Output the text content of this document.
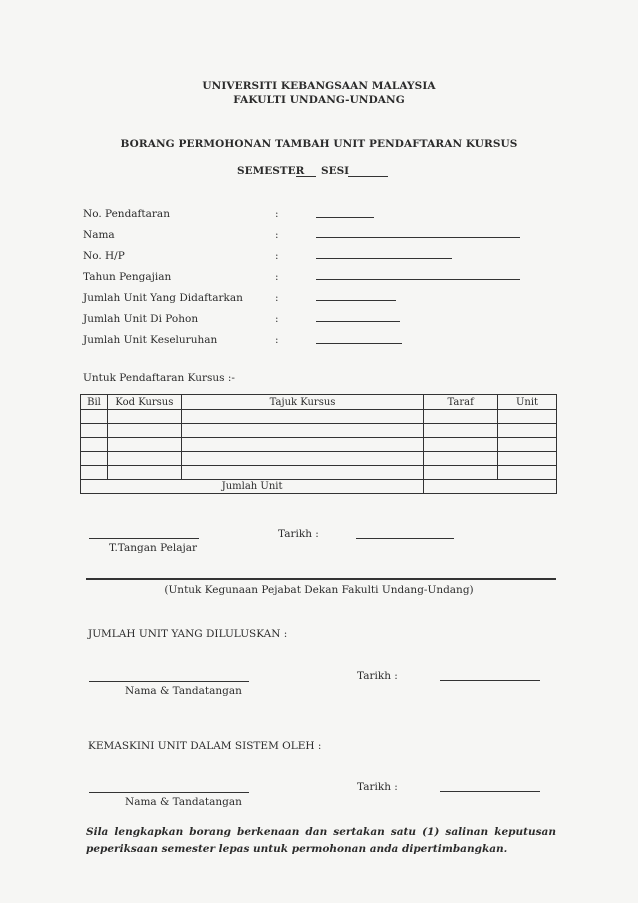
UNIVERSITI KEBANGSAAN MALAYSIA
FAKULTI UNDANG-UNDANG
BORANG PERMOHONAN TAMBAH UNIT PENDAFTARAN KURSUS
SEMESTER SESI
No. Pendaftaran	:
Nama	:
No. H/P	:
Tahun Pengajian	:
Jumlah Unit Yang Didaftarkan	:
Jumlah Unit Di Pohon	:
Jumlah Unit Keseluruhan	:
Untuk Pendaftaran Kursus :-
Bil	Kod Kursus	Tajuk Kursus	Taraf	Unit

Jumlah Unit				
T.Tangan Pelajar
Tarikh :
(Untuk Kegunaan Pejabat Dekan Fakulti Undang-Undang)
JUMLAH UNIT YANG DILULUSKAN :
Nama & Tandatangan
Tarikh :
KEMASKINI UNIT DALAM SISTEM OLEH :
Nama & Tandatangan
Tarikh :
Sila lengkapkan borang berkenaan dan sertakan satu (1) salinan keputusan peperiksaan semester lepas untuk permohonan anda dipertimbangkan.
